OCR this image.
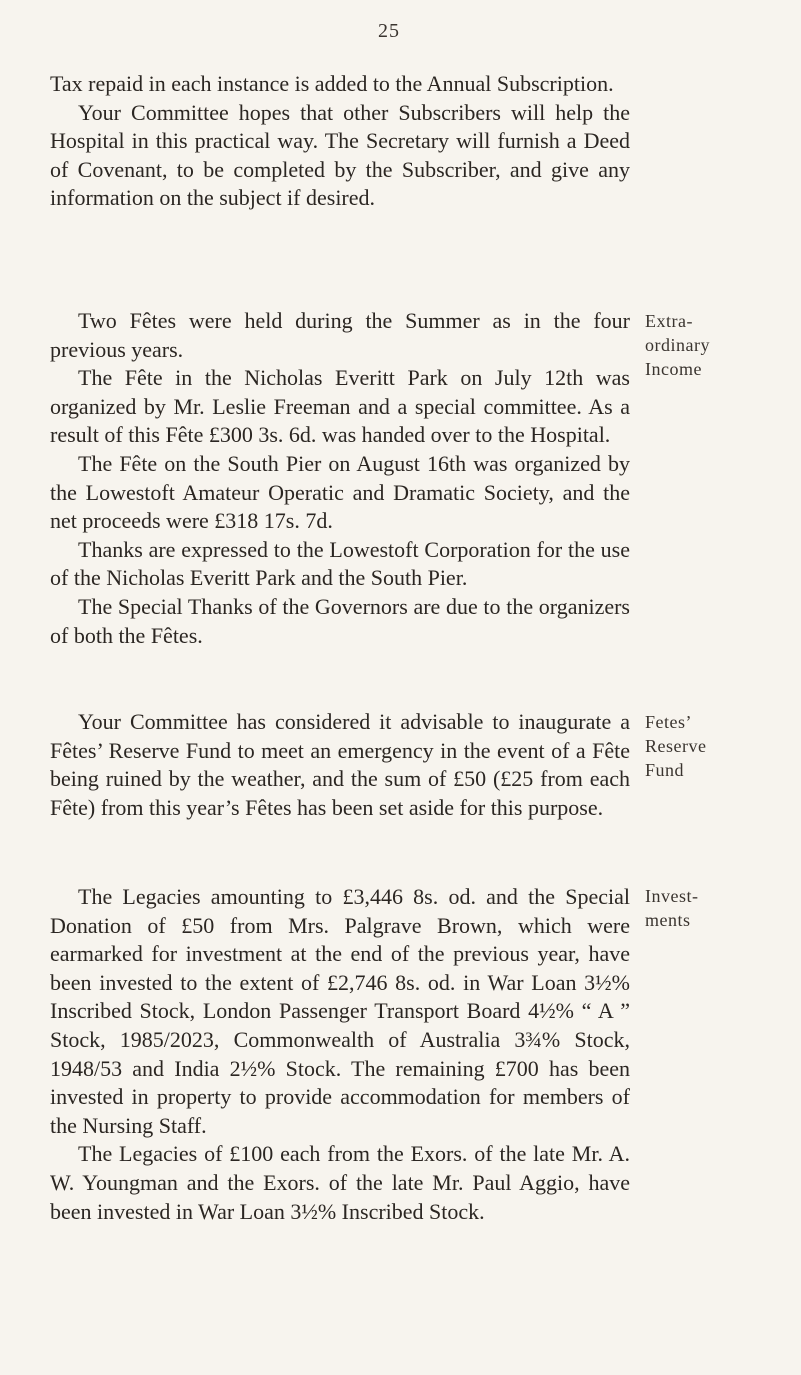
25

Tax repaid in each instance is added to the Annual Subscription.

Your Committee hopes that other Subscribers will help the Hospital in this practical way. The Secretary will furnish a Deed of Covenant, to be completed by the Subscriber, and give any information on the subject if desired.

Two Fêtes were held during the Summer as in the four previous years.

The Fête in the Nicholas Everitt Park on July 12th was organized by Mr. Leslie Freeman and a special committee. As a result of this Fête £300 3s. 6d. was handed over to the Hospital.

The Fête on the South Pier on August 16th was organized by the Lowestoft Amateur Operatic and Dramatic Society, and the net proceeds were £318 17s. 7d.

Thanks are expressed to the Lowestoft Corporation for the use of the Nicholas Everitt Park and the South Pier.

The Special Thanks of the Governors are due to the organizers of both the Fêtes.

Extra-
ordinary
Income

Your Committee has considered it advisable to inaugurate a Fêtes’ Reserve Fund to meet an emergency in the event of a Fête being ruined by the weather, and the sum of £50 (£25 from each Fête) from this year’s Fêtes has been set aside for this purpose.

Fetes’
Reserve
Fund

The Legacies amounting to £3,446 8s. od. and the Special Donation of £50 from Mrs. Palgrave Brown, which were earmarked for investment at the end of the previous year, have been invested to the extent of £2,746 8s. od. in War Loan 3½% Inscribed Stock, London Passenger Transport Board 4½% “ A ” Stock, 1985/2023, Commonwealth of Australia 3¾% Stock, 1948/53 and India 2½% Stock. The remaining £700 has been invested in property to provide accommodation for members of the Nursing Staff.

The Legacies of £100 each from the Exors. of the late Mr. A. W. Youngman and the Exors. of the late Mr. Paul Aggio, have been invested in War Loan 3½% Inscribed Stock.

Invest-
ments
